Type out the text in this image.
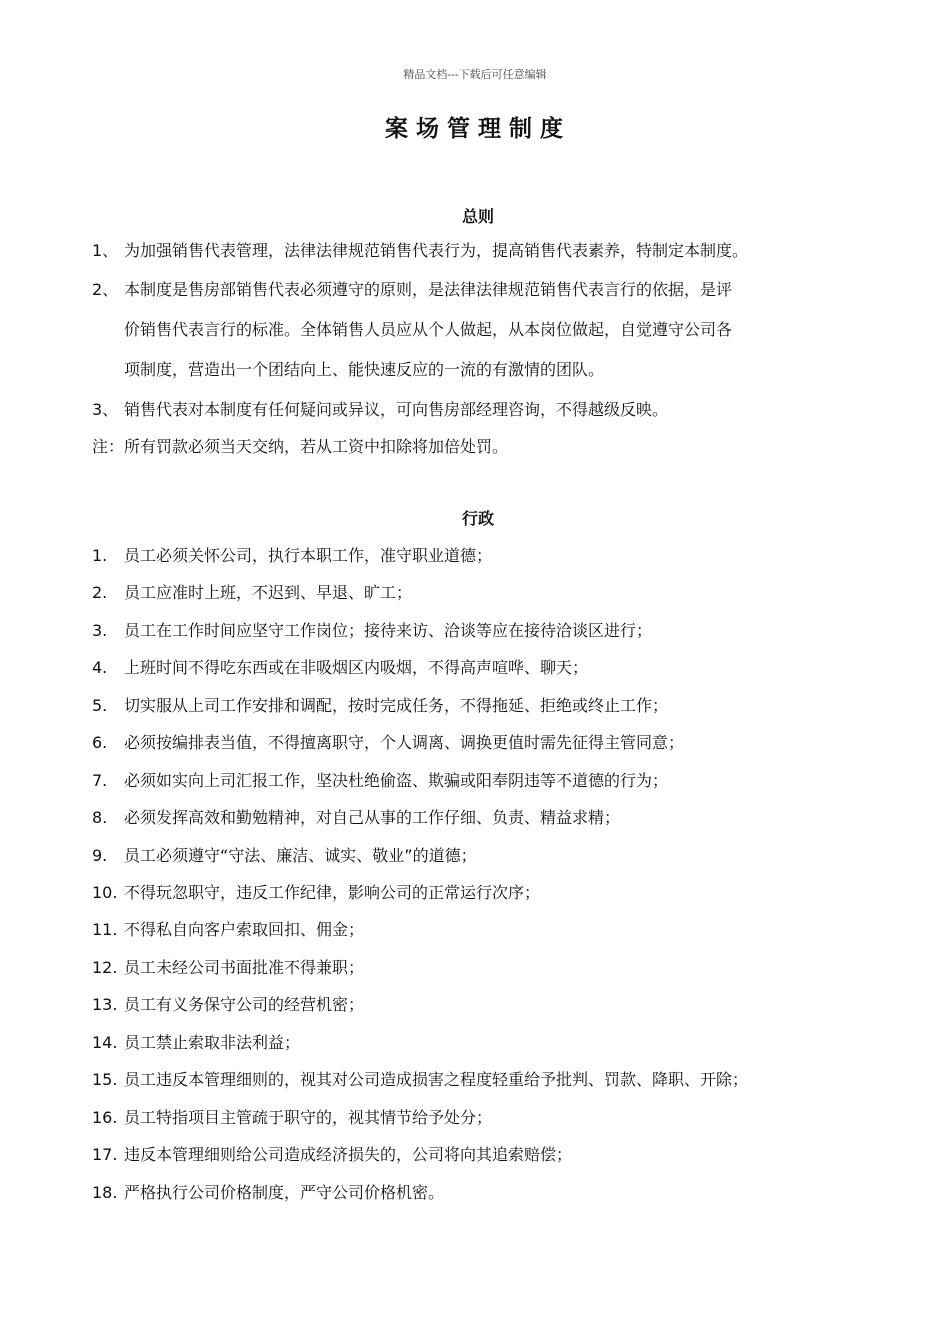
精品文档---下载后可任意编辑
案场管理制度
总则

1、 为加强销售代表管理，法律法律规范销售代表行为，提高销售代表素养，特制定本制度。

2、 本制度是售房部销售代表必须遵守的原则，是法律法律规范销售代表言行的依据，是评

价销售代表言行的标准。全体销售人员应从个人做起，从本岗位做起，自觉遵守公司各

项制度，营造出一个团结向上、能快速反应的一流的有激情的团队。

3、 销售代表对本制度有任何疑问或异议，可向售房部经理咨询，不得越级反映。

注：所有罚款必须当天交纳，若从工资中扣除将加倍处罚。

行政

1. 员工必须关怀公司，执行本职工作，准守职业道德；

2. 员工应准时上班，不迟到、早退、旷工；

3. 员工在工作时间应坚守工作岗位；接待来访、洽谈等应在接待洽谈区进行；

4. 上班时间不得吃东西或在非吸烟区内吸烟，不得高声喧哗、聊天；

5. 切实服从上司工作安排和调配，按时完成任务，不得拖延、拒绝或终止工作；

6. 必须按编排表当值，不得擅离职守，个人调离、调换更值时需先征得主管同意；

7. 必须如实向上司汇报工作，坚决杜绝偷盗、欺骗或阳奉阴违等不道德的行为；

8. 必须发挥高效和勤勉精神，对自己从事的工作仔细、负责、精益求精；

9. 员工必须遵守“守法、廉洁、诚实、敬业”的道德；

10. 不得玩忽职守，违反工作纪律，影响公司的正常运行次序；

11. 不得私自向客户索取回扣、佣金；

12. 员工未经公司书面批准不得兼职；

13. 员工有义务保守公司的经营机密；

14. 员工禁止索取非法利益；

15. 员工违反本管理细则的，视其对公司造成损害之程度轻重给予批判、罚款、降职、开除；

16. 员工特指项目主管疏于职守的，视其情节给予处分；

17. 违反本管理细则给公司造成经济损失的，公司将向其追索赔偿；

18. 严格执行公司价格制度，严守公司价格机密。
